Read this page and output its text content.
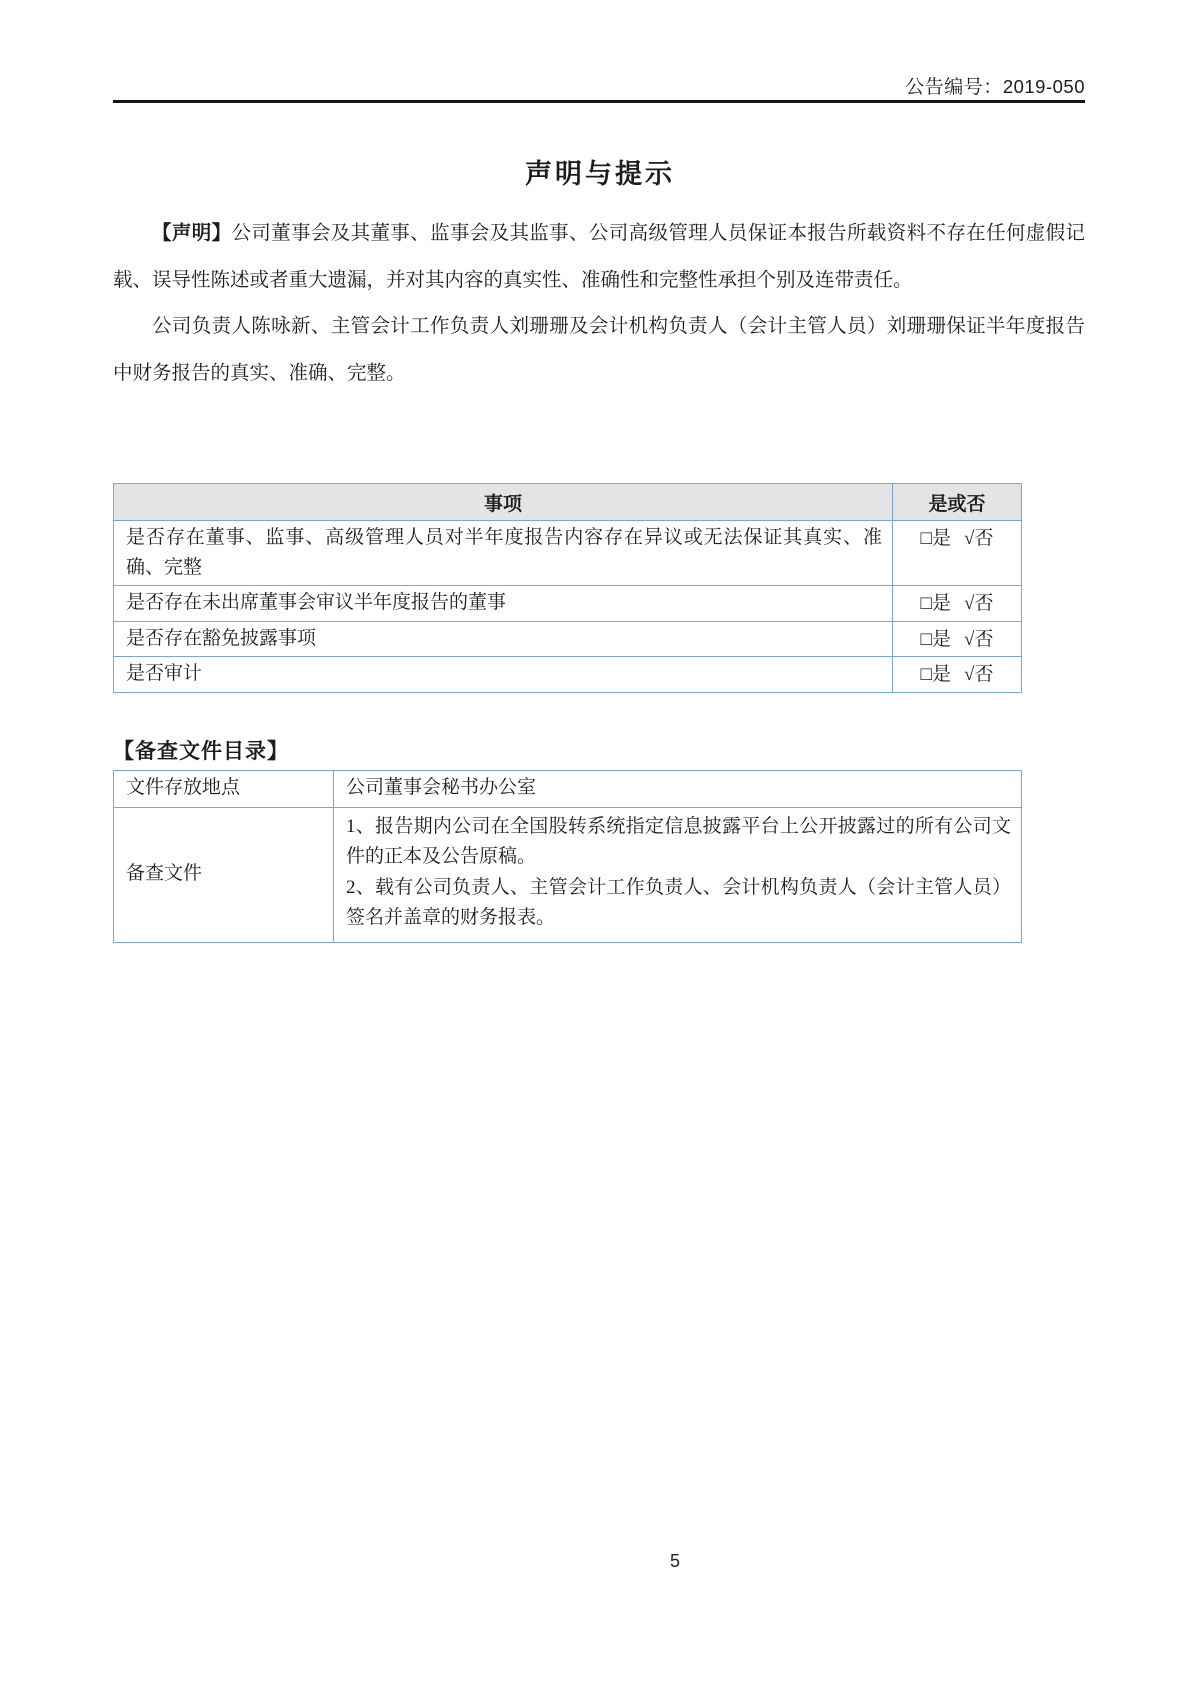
公告编号：2019-050
声明与提示

【声明】公司董事会及其董事、监事会及其监事、公司高级管理人员保证本报告所载资料不存在任何虚假记载、误导性陈述或者重大遗漏，并对其内容的真实性、准确性和完整性承担个别及连带责任。

公司负责人陈咏新、主管会计工作负责人刘珊珊及会计机构负责人（会计主管人员）刘珊珊保证半年度报告中财务报告的真实、准确、完整。

事项	是或否
是否存在董事、监事、高级管理人员对半年度报告内容存在异议或无法保证其真实、准确、完整	□是 √否
是否存在未出席董事会审议半年度报告的董事	□是 √否
是否存在豁免披露事项	□是 √否
是否审计	□是 √否
【备查文件目录】
文件存放地点	公司董事会秘书办公室
备查文件	1、报告期内公司在全国股转系统指定信息披露平台上公开披露过的所有公司文件的正本及公告原稿。

2、载有公司负责人、主管会计工作负责人、会计机构负责人（会计主管人员）签名并盖章的财务报表。

5
